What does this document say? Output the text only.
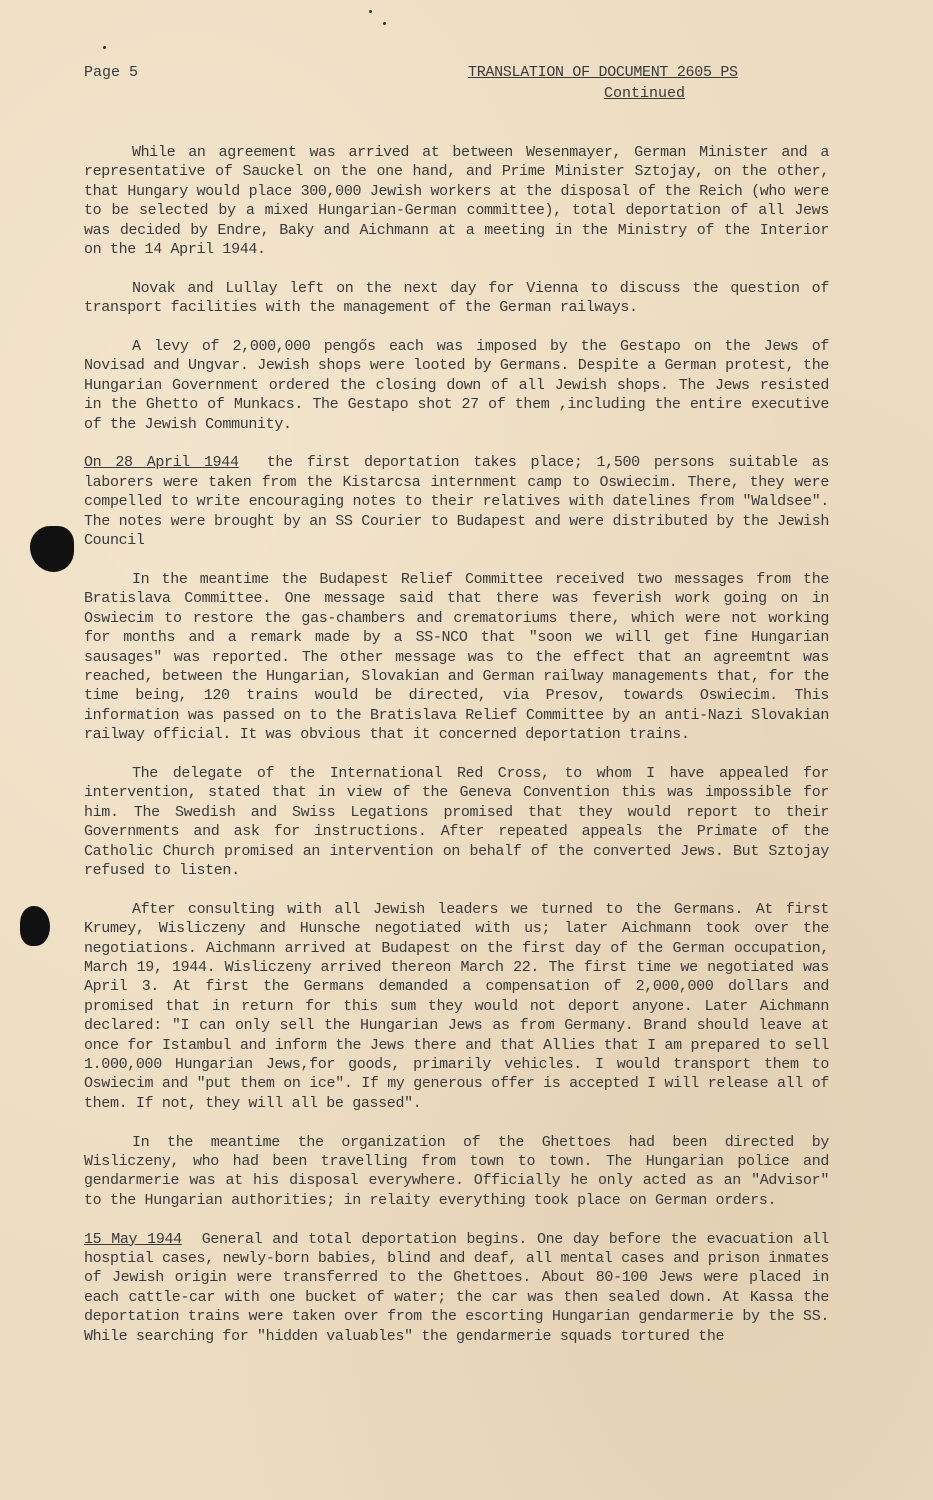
Page 5	TRANSLATION OF DOCUMENT 2605 PS
Continued

While an agreement was arrived at between Wesenmayer, German Minister and a representative of Sauckel on the one hand, and Prime Minister Sztojay, on the other, that Hungary would place 300,000 Jewish workers at the disposal of the Reich (who were to be selected by a mixed Hungarian-German committee), total deportation of all Jews was decided by Endre, Baky and Aichmann at a meeting in the Ministry of the Interior on the 14 April 1944.

Novak and Lullay left on the next day for Vienna to discuss the question of transport facilities with the management of the German railways.

A levy of 2,000,000 pengős each was imposed by the Gestapo on the Jews of Novisad and Ungvar. Jewish shops were looted by Germans. Despite a German protest, the Hungarian Government ordered the closing down of all Jewish shops. The Jews resisted in the Ghetto of Munkacs. The Gestapo shot 27 of them ,including the entire executive of the Jewish Community.

On 28 April 1944 the first deportation takes place; 1,500 persons suitable as laborers were taken from the Kistarcsa internment camp to Oswiecim. There, they were compelled to write encouraging notes to their relatives with datelines from "Waldsee". The notes were brought by an SS Courier to Budapest and were distributed by the Jewish Council

In the meantime the Budapest Relief Committee received two messages from the Bratislava Committee. One message said that there was feverish work going on in Oswiecim to restore the gas-chambers and crematoriums there, which were not working for months and a remark made by a SS-NCO that "soon we will get fine Hungarian sausages" was reported. The other message was to the effect that an agreemtnt was reached, between the Hungarian, Slovakian and German railway managements that, for the time being, 120 trains would be directed, via Presov, towards Oswiecim. This information was passed on to the Bratislava Relief Committee by an anti-Nazi Slovakian railway official. It was obvious that it concerned deportation trains.

The delegate of the International Red Cross, to whom I have appealed for intervention, stated that in view of the Geneva Convention this was impossible for him. The Swedish and Swiss Legations promised that they would report to their Governments and ask for instructions. After repeated appeals the Primate of the Catholic Church promised an intervention on behalf of the converted Jews. But Sztojay refused to listen.

After consulting with all Jewish leaders we turned to the Germans. At first Krumey, Wisliczeny and Hunsche negotiated with us; later Aichmann took over the negotiations. Aichmann arrived at Budapest on the first day of the German occupation, March 19, 1944. Wisliczeny arrived thereon March 22. The first time we negotiated was April 3. At first the Germans demanded a compensation of 2,000,000 dollars and promised that in return for this sum they would not deport anyone. Later Aichmann declared: "I can only sell the Hungarian Jews as from Germany. Brand should leave at once for Istambul and inform the Jews there and that Allies that I am prepared to sell 1.000,000 Hungarian Jews,for goods, primarily vehicles. I would transport them to Oswiecim and "put them on ice". If my generous offer is accepted I will release all of them. If not, they will all be gassed".

In the meantime the organization of the Ghettoes had been directed by Wisliczeny, who had been travelling from town to town. The Hungarian police and gendarmerie was at his disposal everywhere. Officially he only acted as an "Advisor" to the Hungarian authorities; in relaity everything took place on German orders.

15 May 1944 General and total deportation begins. One day before the evacuation all hosptial cases, newly-born babies, blind and deaf, all mental cases and prison inmates of Jewish origin were transferred to the Ghettoes. About 80-100 Jews were placed in each cattle-car with one bucket of water; the car was then sealed down. At Kassa the deportation trains were taken over from the escorting Hungarian gendarmerie by the SS. While searching for "hidden valuables" the gendarmerie squads tortured the
